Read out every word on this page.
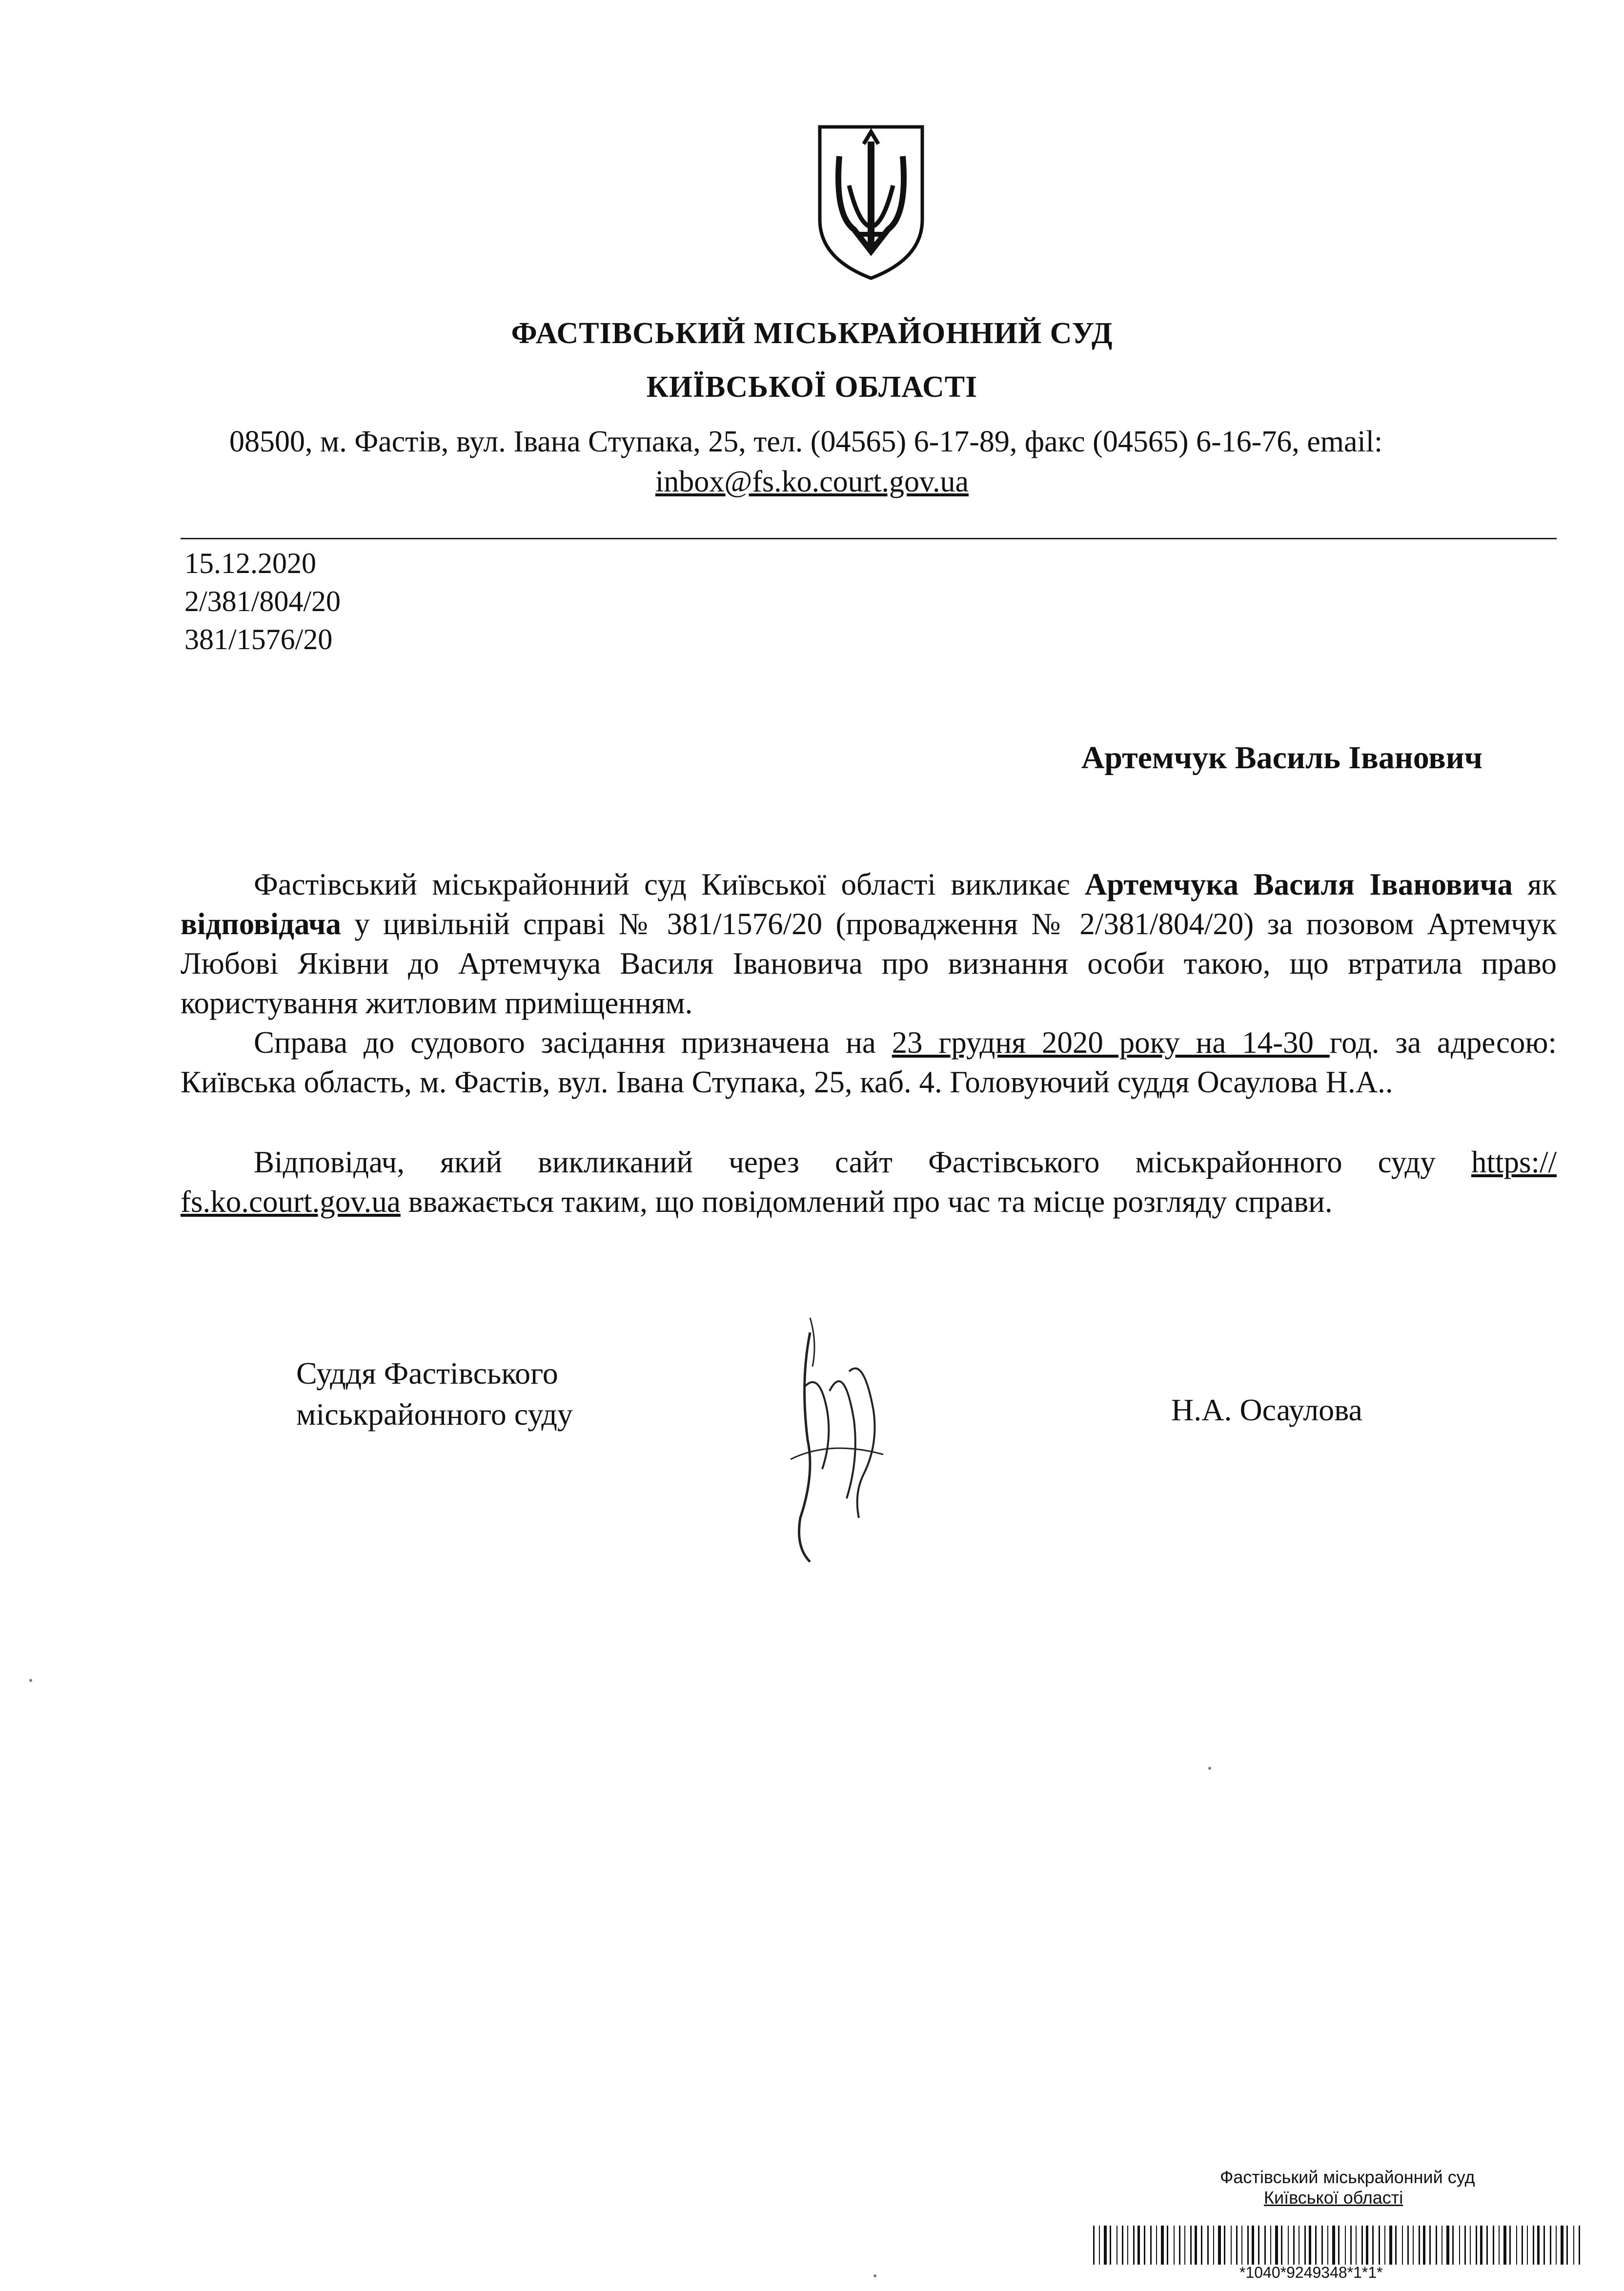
ФАСТІВСЬКИЙ МІСЬКРАЙОННИЙ СУД
КИЇВСЬКОЇ ОБЛАСТІ
08500, м. Фастів, вул. Івана Ступака, 25, тел. (04565) 6-17-89, факс (04565) 6-16-76, email:
inbox@fs.ko.court.gov.ua
15.12.2020
2/381/804/20
381/1576/20
Артемчук Василь Іванович
Фастівський міськрайонний суд Київської області викликає Артемчука Василя Івановича як відповідача у цивільній справі № 381/1576/20 (провадження № 2/381/804/20) за позовом Артемчук Любові Яківни до Артемчука Василя Івановича про визнання особи такою, що втратила право користування житловим приміщенням.
Справа до судового засідання призначена на 23 грудня 2020 року на 14-30 год. за адресою: Київська область, м. Фастів, вул. Івана Ступака, 25, каб. 4. Головуючий суддя Осаулова Н.А..
Відповідач, який викликаний через сайт Фастівського міськрайонного суду https:// fs.ko.court.gov.ua вважається таким, що повідомлений про час та місце розгляду справи.
Суддя Фастівського
міськрайонного суду	Н.А. Осаулова
Фастівський міськрайонний суд
Київської області
*1040*9249348*1*1*
